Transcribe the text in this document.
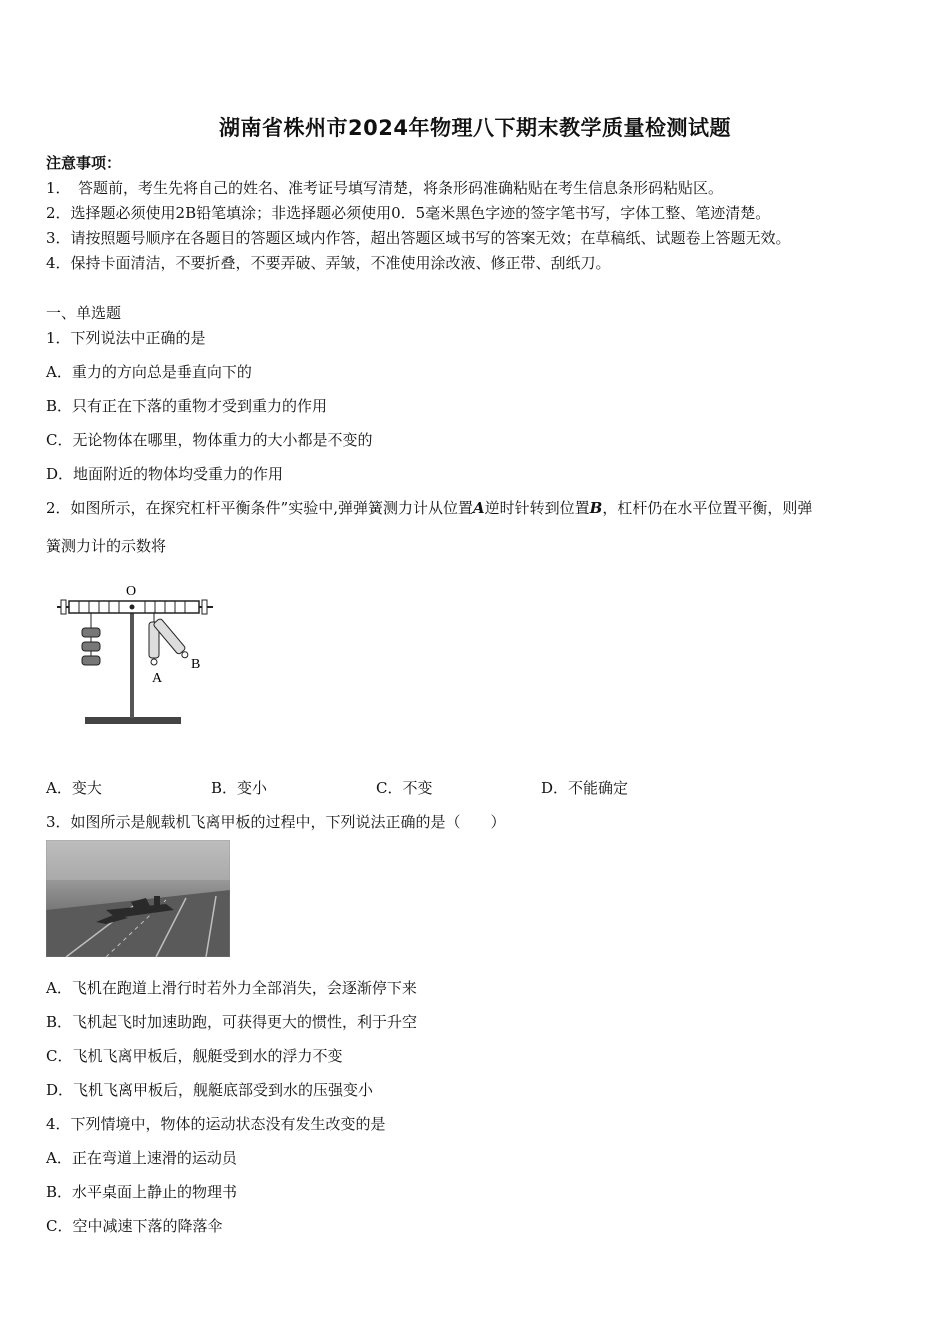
湖南省株州市2024年物理八下期末教学质量检测试题
注意事项：
1．　答题前，考生先将自己的姓名、准考证号填写清楚，将条形码准确粘贴在考生信息条形码粘贴区。
2．选择题必须使用2B铅笔填涂；非选择题必须使用0．5毫米黑色字迹的签字笔书写，字体工整、笔迹清楚。
3．请按照题号顺序在各题目的答题区域内作答，超出答题区域书写的答案无效；在草稿纸、试题卷上答题无效。
4．保持卡面清洁，不要折叠，不要弄破、弄皱，不准使用涂改液、修正带、刮纸刀。
一、单选题
1．下列说法中正确的是
A．重力的方向总是垂直向下的
B．只有正在下落的重物才受到重力的作用
C．无论物体在哪里，物体重力的大小都是不变的
D．地面附近的物体均受重力的作用
2．如图所示，在探究杠杆平衡条件”实验中,弹弹簧测力计从位置A逆时针转到位置B，杠杆仍在水平位置平衡，则弹
簧测力计的示数将
O
A
B
A．变大	B．变小	C．不变	D．不能确定
3．如图所示是舰载机飞离甲板的过程中，下列说法正确的是（　　）
A．飞机在跑道上滑行时若外力全部消失，会逐渐停下来
B．飞机起飞时加速助跑，可获得更大的惯性，利于升空
C．飞机飞离甲板后，舰艇受到水的浮力不变
D．飞机飞离甲板后，舰艇底部受到水的压强变小
4．下列情境中，物体的运动状态没有发生改变的是
A．正在弯道上速滑的运动员
B．水平桌面上静止的物理书
C．空中减速下落的降落伞
